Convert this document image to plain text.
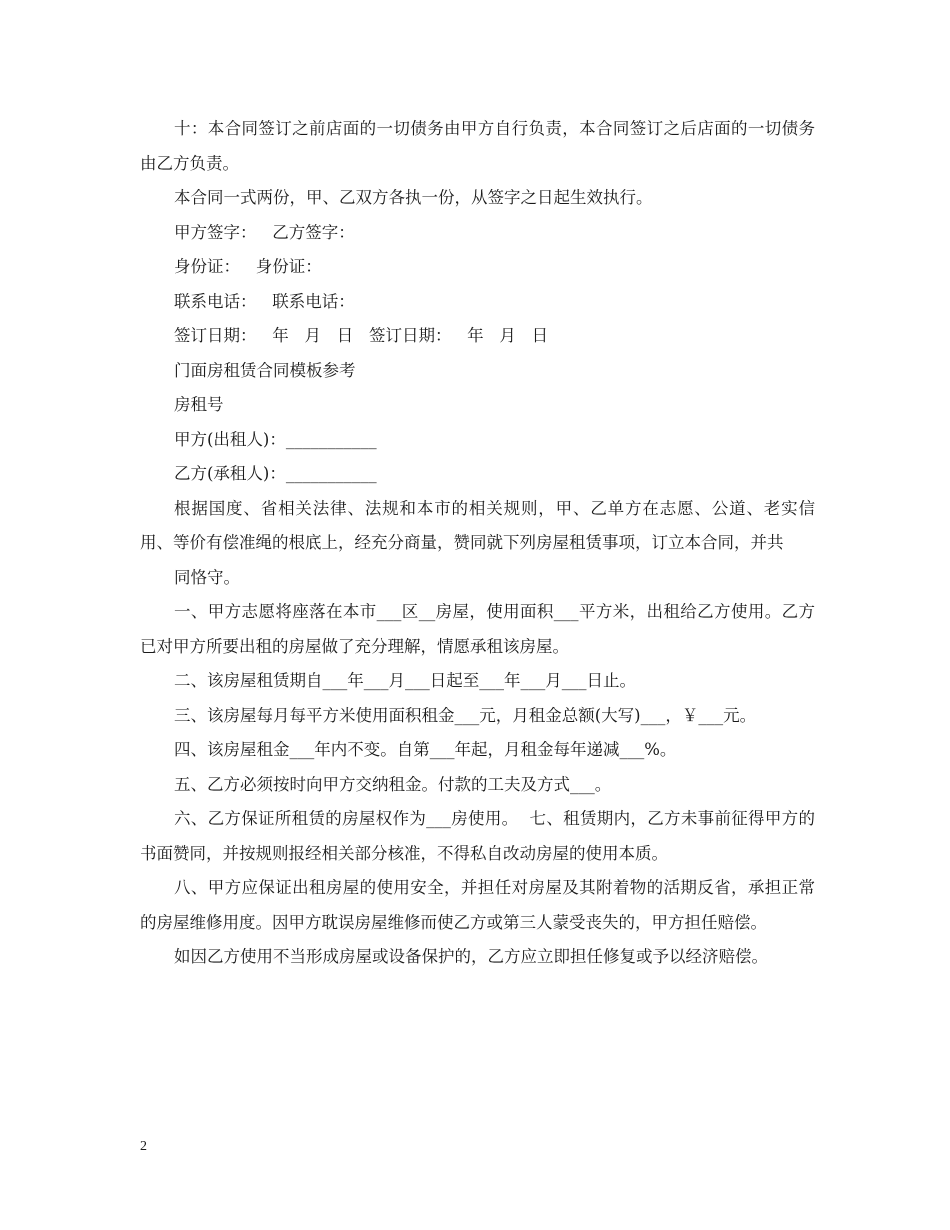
十：本合同签订之前店面的一切债务由甲方自行负责，本合同签订之后店面的一切债务由乙方负责。

本合同一式两份，甲、乙双方各执一份，从签字之日起生效执行。

甲方签字：   乙方签字：

身份证：   身份证：

联系电话：   联系电话：

签订日期：   年   月   日   签订日期：   年   月   日

门面房租赁合同模板参考

房租号

甲方(出租人)：___________

乙方(承租人)：___________

根据国度、省相关法律、法规和本市的相关规则，甲、乙单方在志愿、公道、老实信用、等价有偿准绳的根底上，经充分商量，赞同就下列房屋租赁事项，订立本合同，并共

同恪守。

一、甲方志愿将座落在本市___区__房屋，使用面积___平方米，出租给乙方使用。乙方已对甲方所要出租的房屋做了充分理解，情愿承租该房屋。

二、该房屋租赁期自___年___月___日起至___年___月___日止。

三、该房屋每月每平方米使用面积租金___元，月租金总额(大写)___，￥___元。

四、该房屋租金___年内不变。自第___年起，月租金每年递减___%。

五、乙方必须按时向甲方交纳租金。付款的工夫及方式___。

六、乙方保证所租赁的房屋权作为___房使用。  七、租赁期内，乙方未事前征得甲方的书面赞同，并按规则报经相关部分核准，不得私自改动房屋的使用本质。

八、甲方应保证出租房屋的使用安全，并担任对房屋及其附着物的活期反省，承担正常的房屋维修用度。因甲方耽误房屋维修而使乙方或第三人蒙受丧失的，甲方担任赔偿。

如因乙方使用不当形成房屋或设备保护的，乙方应立即担任修复或予以经济赔偿。

2
